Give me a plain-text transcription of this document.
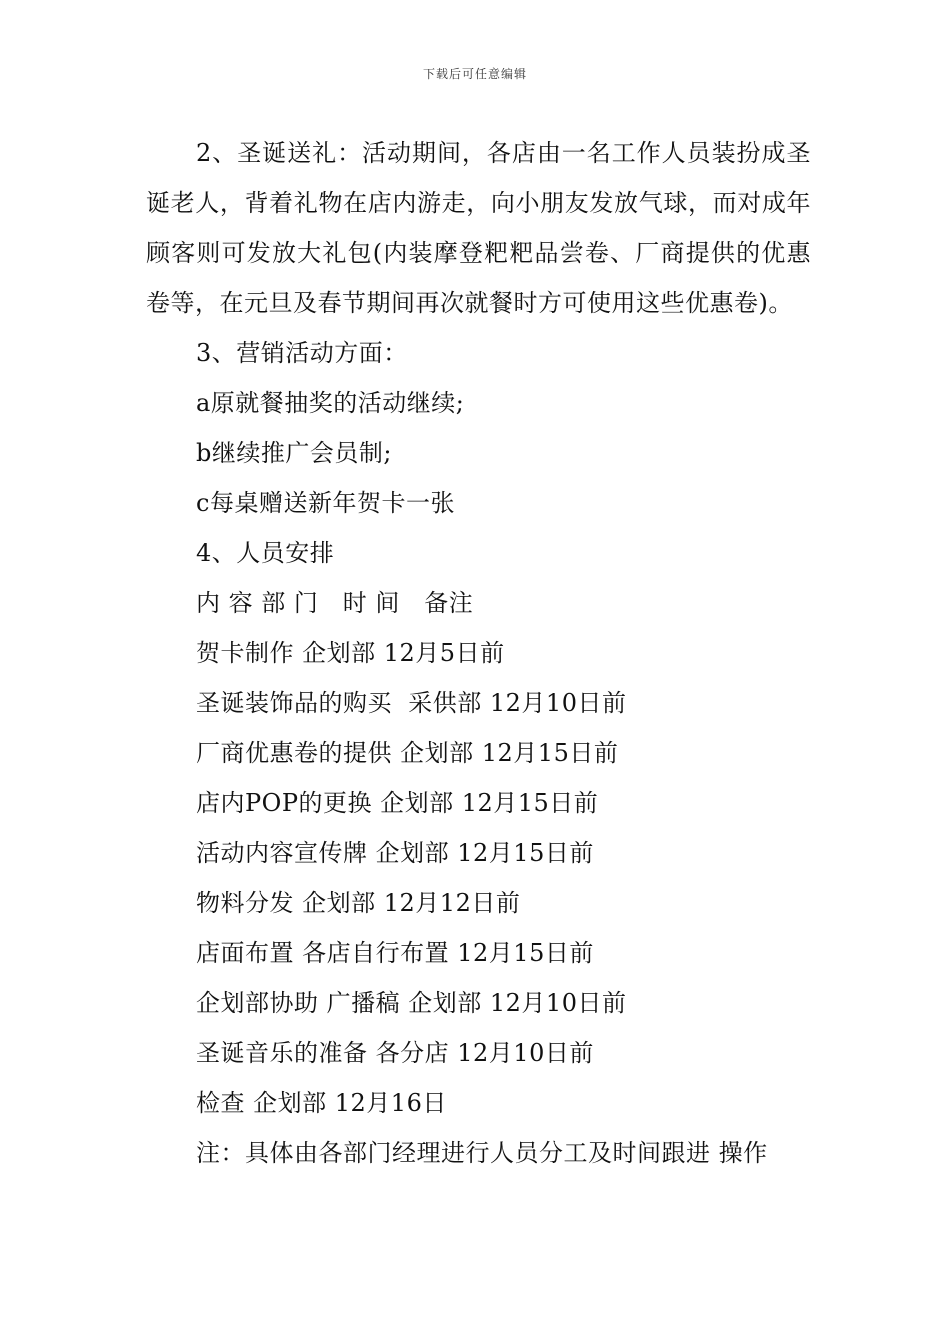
下载后可任意编辑

2、圣诞送礼：活动期间，各店由一名工作人员装扮成圣诞老人，背着礼物在店内游走，向小朋友发放气球，而对成年顾客则可发放大礼包(内装摩登粑粑品尝卷、厂商提供的优惠卷等，在元旦及春节期间再次就餐时方可使用这些优惠卷)。

3、营销活动方面：

a原就餐抽奖的活动继续;

b继续推广会员制;

c每桌赠送新年贺卡一张

4、人员安排

内 容 部 门   时 间   备注

贺卡制作 企划部 12月5日前

圣诞装饰品的购买  采供部 12月10日前

厂商优惠卷的提供 企划部 12月15日前

店内POP的更换 企划部 12月15日前

活动内容宣传牌 企划部 12月15日前

物料分发 企划部 12月12日前

店面布置 各店自行布置 12月15日前

企划部协助 广播稿 企划部 12月10日前

圣诞音乐的准备 各分店 12月10日前

检查 企划部 12月16日

注：具体由各部门经理进行人员分工及时间跟进 操作
